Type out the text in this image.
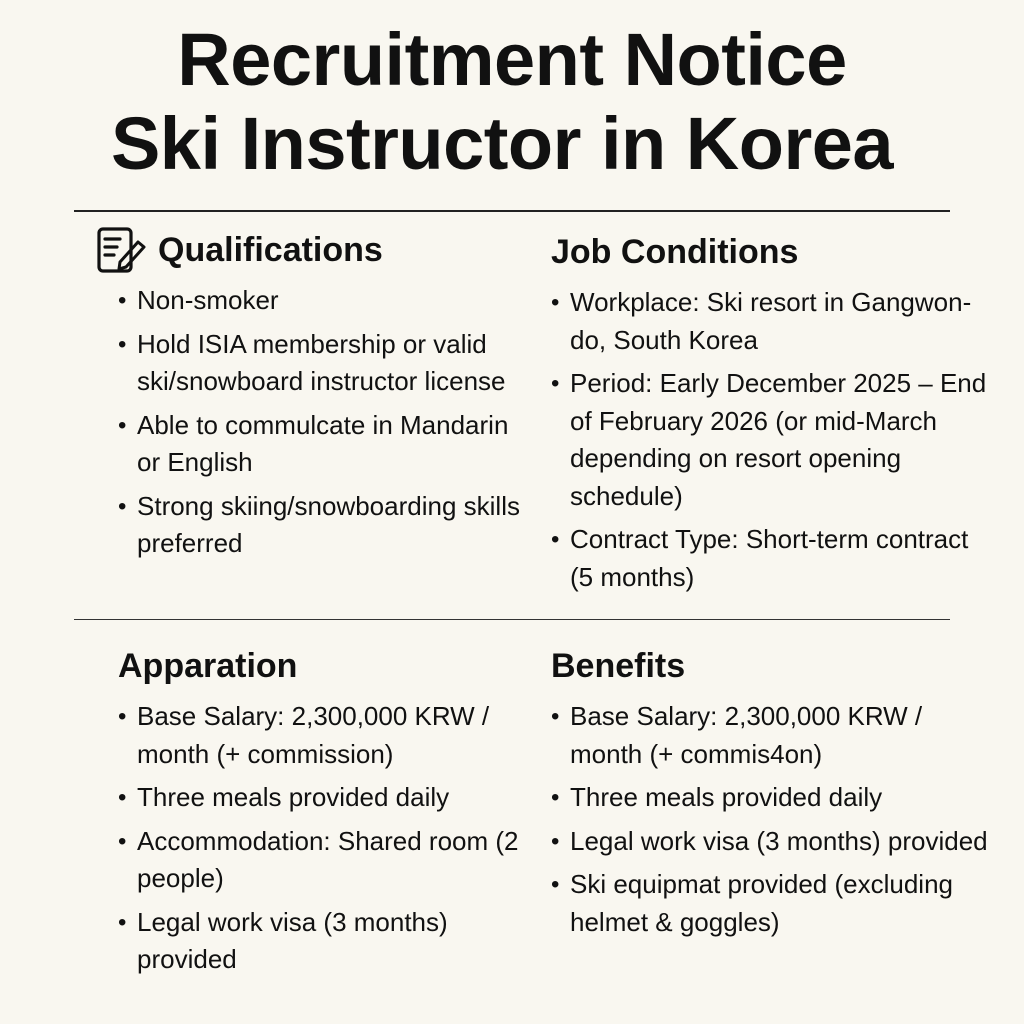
Recruitment Notice
Ski Instructor in Korea
Qualifications
• Non-smoker
• Hold ISIA membership or valid ski/snowboard instructor license
• Able to commulcate in Mandarin or English
• Strong skiing/snowboarding skills preferred
Job Conditions
• Workplace: Ski resort in Gangwon-do, South Korea
• Period: Early December 2025 – End of February 2026 (or mid-March depending on resort opening schedule)
• Contract Type: Short-term contract (5 months)
Apparation
• Base Salary: 2,300,000 KRW / month (+ commission)
• Three meals provided daily
• Accommodation: Shared room (2 people)
• Legal work visa (3 months) provided
Benefits
• Base Salary: 2,300,000 KRW / month (+ commis4on)
• Three meals provided daily
• Legal work visa (3 months) provided
• Ski equipmat provided (excluding helmet & goggles)
